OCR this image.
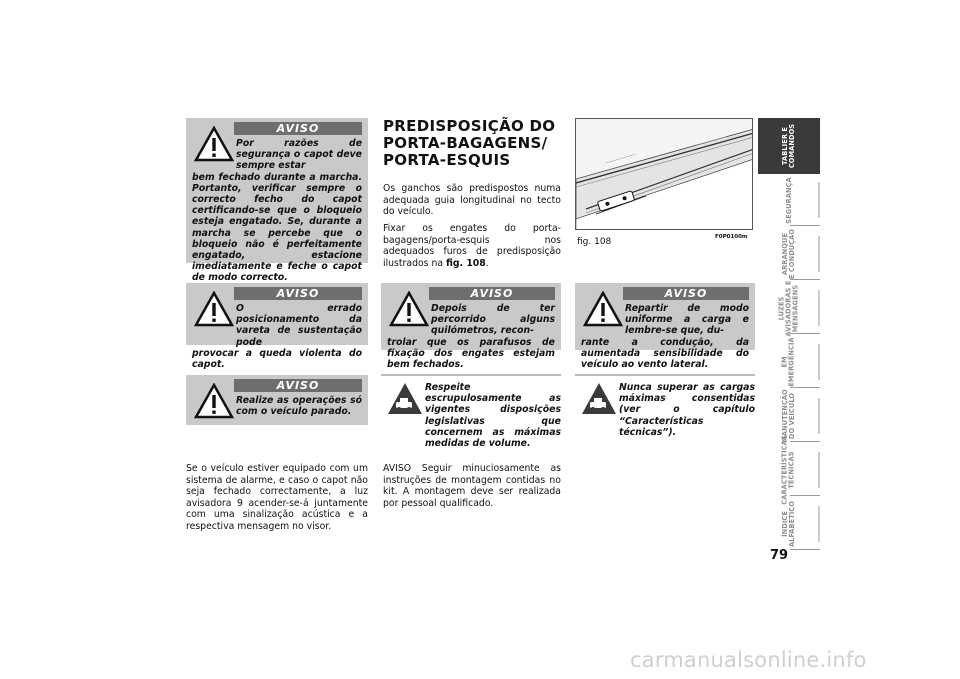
AVISO
Por razões de segurança o capot deve sempre estar
bem fechado durante a marcha. Portanto, verificar sempre o correcto fecho do capot certificando-se que o bloqueio esteja engatado. Se, durante a marcha se percebe que o bloqueio não é perfeitamente engatado, estacione imediatamente e feche o capot de modo correcto.
AVISO
O errado posicionamento da vareta de sustentação pode
provocar a queda violenta do capot.
AVISO
Realize as operações só com o veículo parado.
Se o veículo estiver equipado com um sistema de alarme, e caso o capot não seja fechado correctamente, a luz avisadora 9 acender-se-á juntamente com uma sinalização acústica e a respectiva mensagem no visor.
PREDISPOSIÇÃO DO PORTA-BAGAGENS/ PORTA-ESQUIS
Os ganchos são predispostos numa adequada guia longitudinal no tecto do veículo.
Fixar os engates do porta-bagagens/porta-esquis nos adequados furos de predisposição ilustrados na fig. 108.
AVISO
Depois de ter percorrido alguns quilómetros, recon-
trolar que os parafusos de fixação dos engates estejam bem fechados.
Respeite escrupulosamente as vigentes disposições legislativas que concernem as máximas medidas de volume.
AVISO Seguir minuciosamente as instruções de montagem contidas no kit. A montagem deve ser realizada por pessoal qualificado.
fig. 108	F0P0100m
AVISO
Repartir de modo uniforme a carga e lembre-se que, du-
rante a condução, da aumentada sensibilidade do veículo ao vento lateral.
Nunca superar as cargas máximas consentidas (ver o capítulo “Características técnicas”).
TABLIER E
COMANDOS
SEGURANÇA
ARRANQUE
E CONDUÇÃO
LUZES
AVISADORAS E
MENSAGENS
EM
EMERGÊNCIA
MANUTENÇÃO
DO VEÍCULO
CARACTERÍSTICAS
TÉCNICAS
ÍNDICE
ALFABÉTICO
79
carmanualsonline.info
